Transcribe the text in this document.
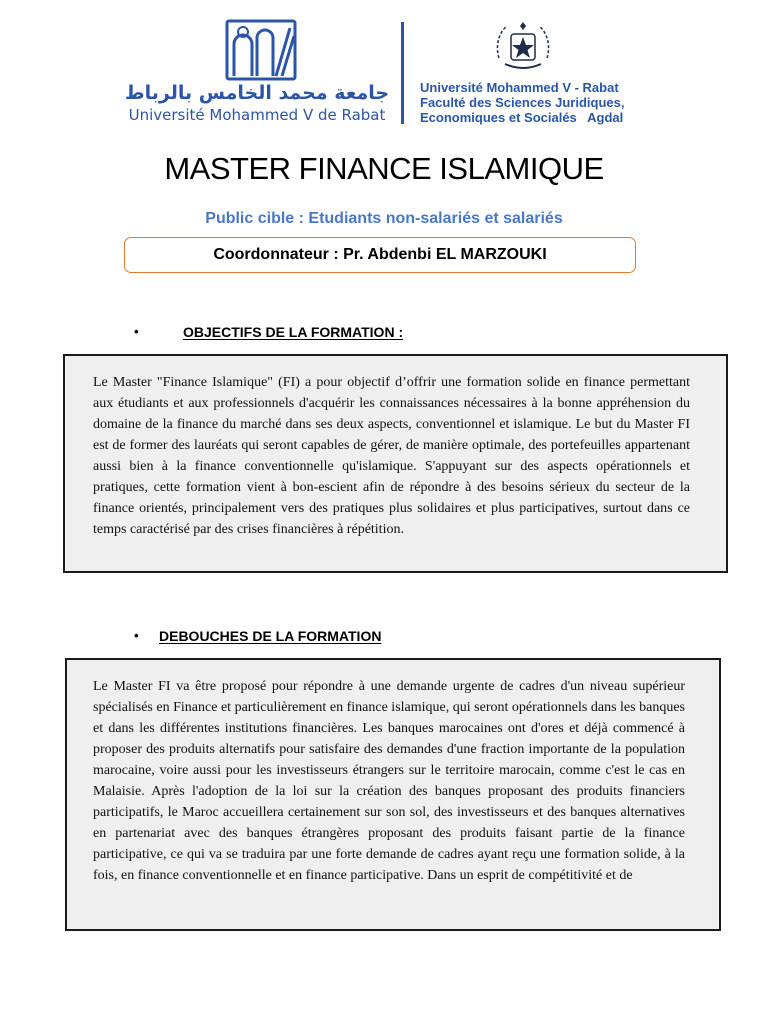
جامعة محمد الخامس بالرباط
Université Mohammed V de Rabat
Université Mohammed V - Rabat
Faculté des Sciences Juridiques,
Economiques et Socialés   Agdal
MASTER FINANCE ISLAMIQUE
Public cible : Etudiants non-salariés et salariés
Coordonnateur : Pr. Abdenbi EL MARZOUKI
•	OBJECTIFS DE LA FORMATION :
Le Master "Finance Islamique" (FI) a pour objectif d’offrir une formation solide en finance permettant aux étudiants et aux professionnels d'acquérir les connaissances nécessaires à la bonne appréhension du domaine de la finance du marché dans ses deux aspects, conventionnel et islamique. Le but du Master FI est de former des lauréats qui seront capables de gérer, de manière optimale, des portefeuilles appartenant aussi bien à la finance conventionnelle qu'islamique. S'appuyant sur des aspects opérationnels et pratiques, cette formation vient à bon-escient afin de répondre à des besoins sérieux du secteur de la finance orientés, principalement vers des pratiques plus solidaires et plus participatives, surtout dans ce temps caractérisé par des crises financières à répétition.
• DEBOUCHES DE LA FORMATION
Le Master FI va être proposé pour répondre à une demande urgente de cadres d'un niveau supérieur spécialisés en Finance et particulièrement en finance islamique, qui seront opérationnels dans les banques et dans les différentes institutions financières. Les banques marocaines ont d'ores et déjà commencé à proposer des produits alternatifs pour satisfaire des demandes d'une fraction importante de la population marocaine, voire aussi pour les investisseurs étrangers sur le territoire marocain, comme c'est le cas en Malaisie. Après l'adoption de la loi sur la création des banques proposant des produits financiers participatifs, le Maroc accueillera certainement sur son sol, des investisseurs et des banques alternatives en partenariat avec des banques étrangères proposant des produits faisant partie de la finance participative, ce qui va se traduira par une forte demande de cadres ayant reçu une formation solide, à la fois, en finance conventionnelle et en finance participative. Dans un esprit de compétitivité et de
